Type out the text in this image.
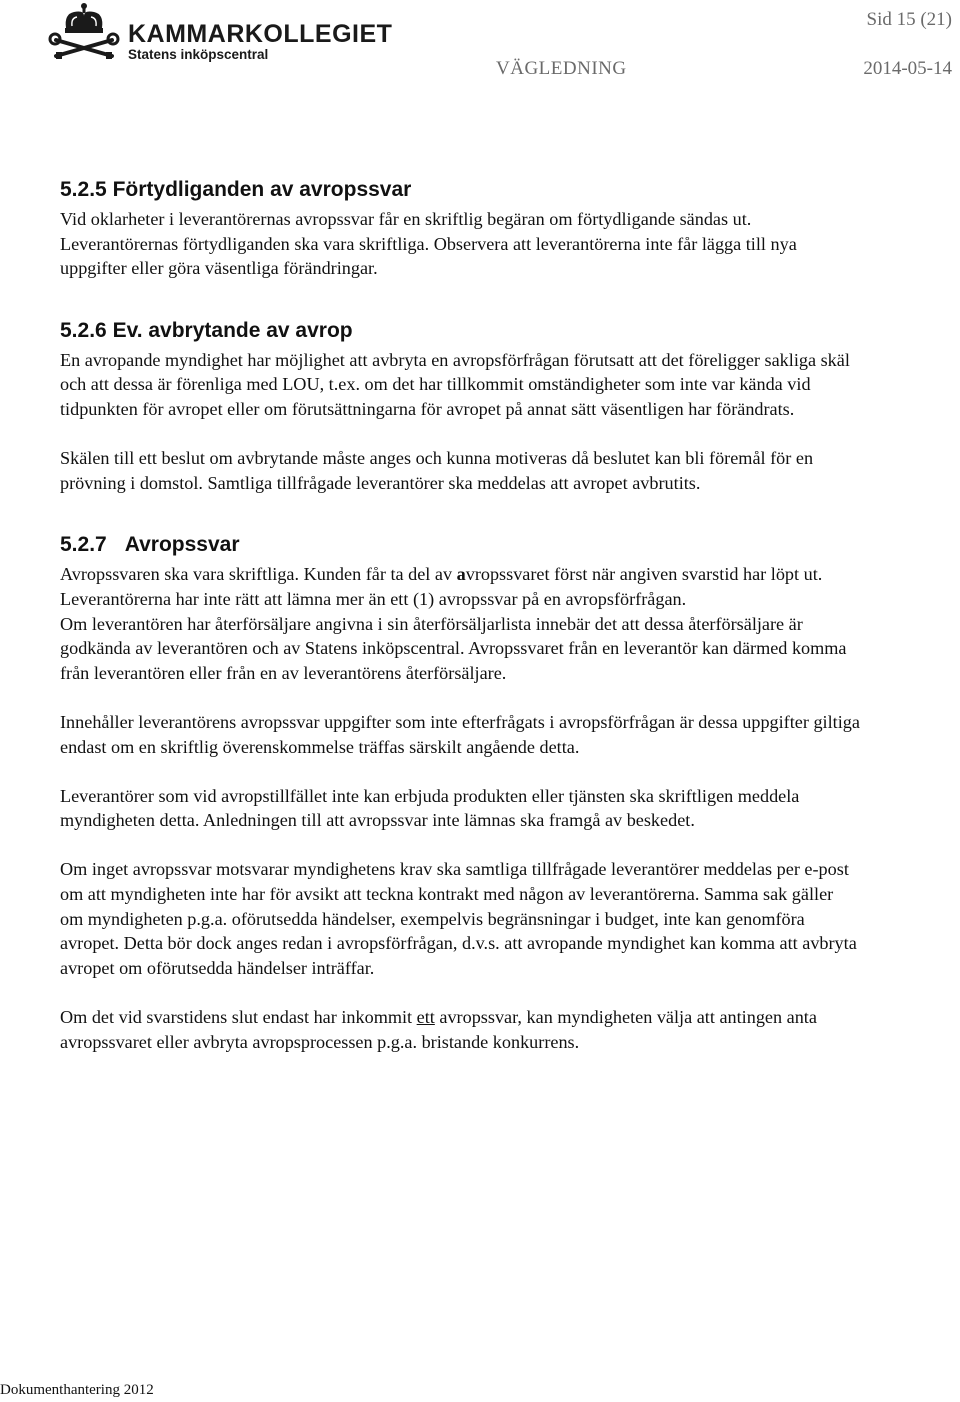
KAMMARKOLLEGIET
Statens inköpscentral
Sid 15 (21)
VÄGLEDNING	2014-05-14
5.2.5 Förtydliganden av avropssvar

Vid oklarheter i leverantörernas avropssvar får en skriftlig begäran om förtydligande sändas ut. Leverantörernas förtydliganden ska vara skriftliga. Observera att leverantörerna inte får lägga till nya uppgifter eller göra väsentliga förändringar.

5.2.6 Ev. avbrytande av avrop

En avropande myndighet har möjlighet att avbryta en avropsförfrågan förutsatt att det föreligger sakliga skäl och att dessa är förenliga med LOU, t.ex. om det har tillkommit omständigheter som inte var kända vid tidpunkten för avropet eller om förutsättningarna för avropet på annat sätt väsentligen har förändrats.

Skälen till ett beslut om avbrytande måste anges och kunna motiveras då beslutet kan bli föremål för en prövning i domstol. Samtliga tillfrågade leverantörer ska meddelas att avropet avbrutits.

5.2.7 Avropssvar

Avropssvaren ska vara skriftliga. Kunden får ta del av avropssvaret först när angiven svarstid har löpt ut.

Leverantörerna har inte rätt att lämna mer än ett (1) avropssvar på en avropsförfrågan.

Om leverantören har återförsäljare angivna i sin återförsäljarlista innebär det att dessa återförsäljare är godkända av leverantören och av Statens inköpscentral. Avropssvaret från en leverantör kan därmed komma från leverantören eller från en av leverantörens återförsäljare.

Innehåller leverantörens avropssvar uppgifter som inte efterfrågats i avropsförfrågan är dessa uppgifter giltiga endast om en skriftlig överenskommelse träffas särskilt angående detta.

Leverantörer som vid avropstillfället inte kan erbjuda produkten eller tjänsten ska skriftligen meddela myndigheten detta. Anledningen till att avropssvar inte lämnas ska framgå av beskedet.

Om inget avropssvar motsvarar myndighetens krav ska samtliga tillfrågade leverantörer meddelas per e-post om att myndigheten inte har för avsikt att teckna kontrakt med någon av leverantörerna. Samma sak gäller om myndigheten p.g.a. oförutsedda händelser, exempelvis begränsningar i budget, inte kan genomföra avropet. Detta bör dock anges redan i avropsförfrågan, d.v.s. att avropande myndighet kan komma att avbryta avropet om oförutsedda händelser inträffar.

Om det vid svarstidens slut endast har inkommit ett avropssvar, kan myndigheten välja att antingen anta avropssvaret eller avbryta avropsprocessen p.g.a. bristande konkurrens.

Dokumenthantering 2012
